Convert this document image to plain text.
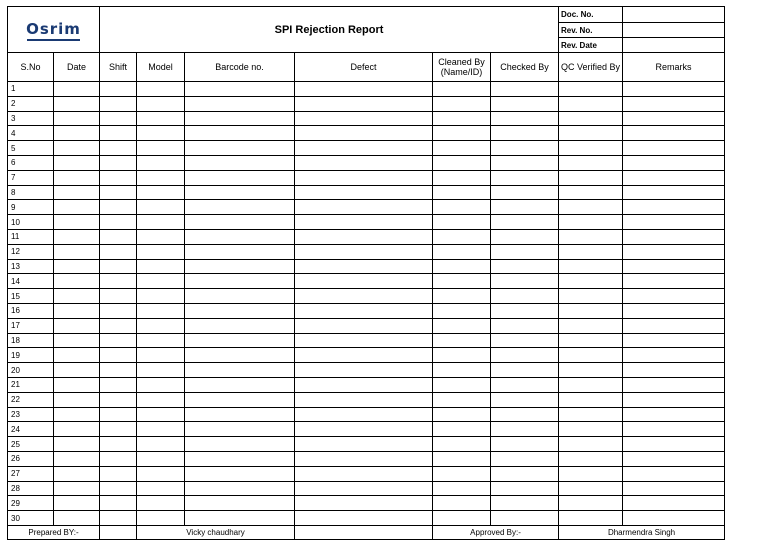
Osrim		SPI Rejection Report						Doc. No.	
								Rev. No.	
								Rev. Date	
S.No	Date	Shift	Model	Barcode no.	Defect	Cleaned By (Name/ID)	Checked By	QC Verified By	Remarks
1									
2									
3									
4									
5									
6									
7									
8									
9									
10									
11									
12									
13									
14									
15									
16									
17									
18									
19									
20									
21									
22									
23									
24									
25									
26									
27									
28									
29									
30									
Prepared BY:-			Vicky chaudhary			Approved By:-		Dharmendra Singh	
